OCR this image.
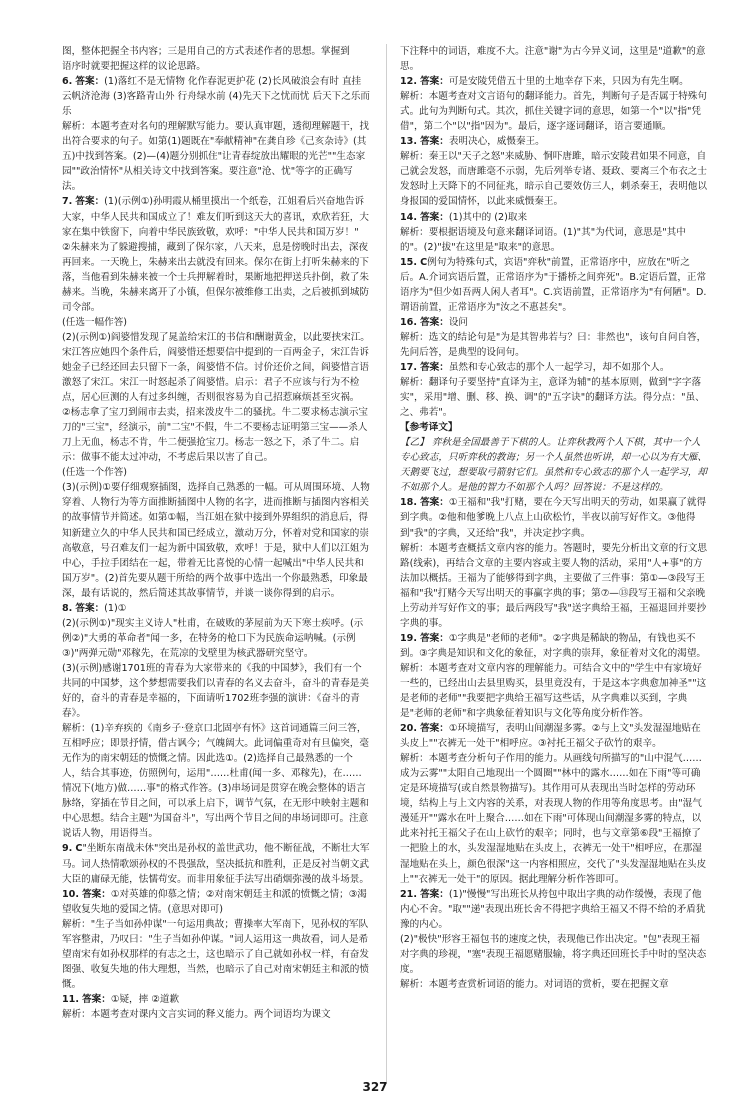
图，整体把握全书内容；三是用自己的方式表述作者的思想。掌握到

语序时就要把握这样的议论思路。

6. 答案：(1)落红不是无情物 化作春泥更护花 (2)长风破浪会有时 直挂云帆济沧海 (3)客路青山外 行舟绿水前 (4)先天下之忧而忧 后天下之乐而乐

解析：本题考查对名句的理解默写能力。要认真审题，透彻理解题干，找出符合要求的句子。如第(1)题既在"奉献精神"在龚自珍《己亥杂诗》(其五)中找到答案。(2)—(4)题分别抓住"让青春绽放出耀眼的光芒""生态家园""政治情怀"从相关诗文中找到答案。要注意"沧、忧"等字的正确写法。

7. 答案：(1)(示例①)孙明霞从桶里摸出一个纸卷，江姐看后兴奋地告诉大家，中华人民共和国成立了！难友们听到这天大的喜讯，欢欣若狂，大家在集中铁窗下，向着中华民族致敬，欢呼："中华人民共和国万岁！"

②朱赫来为了躲避搜捕，藏到了保尔家，八天来，息是傍晚时出去，深夜再回来。一天晚上，朱赫来出去就没有回来。保尔在街上打听朱赫来的下落，当他看到朱赫来被一个士兵押解着时，果断地把押送兵扑倒，救了朱赫来。当晚，朱赫来离开了小镇，但保尔被维修工出卖，之后被抓到城防司令部。

(任选一幅作答)

(2)(示例①)阎婆惜发现了晁盖给宋江的书信和酬谢黄金，以此要挟宋江。宋江答应她四个条件后，阎婆惜还想要信中提到的一百两金子，宋江告诉她金子已经还回去只留下一条，阎婆惜不信。讨价还价之间，阎婆惜言语激怒了宋江。宋江一时怒起杀了阎婆惜。启示：君子不应该与行为不检点，居心叵测的人有过多纠缠，否则很容易为自己招惹麻烦甚至灾祸。

②杨志拿了宝刀到闹市去卖，招来泼皮牛二的骚扰。牛二要求杨志演示宝刀的"三宝"，经演示，前"二宝"不假，牛二不要杨志证明第三宝——杀人刀上无血，杨志不肯，牛二便强抢宝刀。杨志一怒之下，杀了牛二。启示：做事不能太过冲动，不考虑后果以害了自己。

(任选一个作答)

(3)(示例)①要仔细观察插图，选择自己熟悉的一幅。可从周围环境、人物穿着、人物行为等方面推断插图中人物的名字，进而推断与插图内容相关的故事情节并简述。如第①幅，当江姐在狱中接到外界组织的消息后，得知新建立久的中华人民共和国已经成立，激动万分，怀着对党和国家的崇高敬意，号召难友们一起为新中国致敬，欢呼！于是，狱中人们以江姐为中心，手拉手团结在一起，带着无比喜悦的心情一起喊出"中华人民共和国万岁"。(2)首先要从题干所给的两个故事中选出一个你最熟悉，印象最深，最有话说的，然后简述其故事情节，并谈一谈你得到的启示。

8. 答案：(1)①

(2)(示例①)"现实主义诗人"杜甫，在破败的茅屋前为天下寒士疾呼。(示例②)"大勇的革命者"闻一多，在特务的枪口下为民族命运呐喊。(示例③)"两弹元勋"邓稼先，在荒凉的戈壁里为核武器研究坚守。

(3)(示例)感谢1701班的青春为大家带来的《我的中国梦》，我们有一个共同的中国梦，这个梦想需要我们以青春的名义去奋斗，奋斗的青春是美好的，奋斗的青春是幸福的，下面请听1702班李强的演讲：《奋斗的青春》。

解析：(1)辛弃疾的《南乡子·登京口北固亭有怀》这首词通篇三问三答，互相呼应；即景抒情，借古讽今；气魄阔大。此词偏重奇对有旦偏突，毫无作为的南宋朝廷的愤慨之情。因此选①。(2)选择自己最熟悉的一个人，结合其事迹，仿照例句，运用"……杜甫(闻一多、邓稼先)，在……情况下(地方)做……事"的格式作答。(3)串场词是贯穿在晚会整体的语言脉络，穿插在节目之间，可以承上启下，调节气氛，在无形中映射主题和中心思想。结合主题"为国奋斗"，写出两个节目之间的串场词即可。注意说话人物，用语得当。

9. C"坐断东南战未休"突出是孙权的盖世武功，他不断征战，不断壮大军马。词人热情歌颂孙权的不畏强敌，坚决抵抗和胜利，正是反衬当朝文武大臣的庸碌无能，怯懦苟安。而非用象征手法写出硝烟弥漫的战斗场景。

10. 答案：①对英雄的仰慕之情；②对南宋朝廷主和派的愤慨之情；③渴望收复失地的爱国之情。(意思对即可)

解析："生子当如孙仲谋"一句运用典故；曹操率大军南下，见孙权的军队军容整肃，乃叹曰："生子当如孙仲谋。"词人运用这一典故看，词人是希望南宋有如孙权那样的有志之士，这也暗示了自己就如孙权一样，有奋发图强、收复失地的伟大理想，当然，也暗示了自己对南宋朝廷主和派的愤慨。

11. 答案：①疑，摔 ②道歉

解析：本题考查对课内文言实词的释义能力。两个词语均为课文

下注释中的词语，难度不大。注意"谢"为古今异义词，这里是"道歉"的意思。

12. 答案：可是安陵凭借五十里的土地幸存下来，只因为有先生啊。

解析：本题考查对文言语句的翻译能力。首先，判断句子是否属于特殊句式。此句为判断句式。其次，抓住关键字词的意思，如第一个"以"指"凭借"，第二个"以"指"因为"。最后，逐字逐词翻译，语言要通顺。

13. 答案：表明决心，威慑秦王。

解析：秦王以"天子之怒"来威胁、恫吓唐雎，暗示安陵君如果不同意，自己就会发怒，而唐雎毫不示弱，先后列举专诸、聂政、要离三个布衣之士发怒时上天降下的不同征兆，暗示自己要效仿三人，刺杀秦王，表明他以身报国的爱国情怀，以此来威慑秦王。

14. 答案：(1)其中的 (2)取来

解析：要根据语境及句意来翻译词语。(1)"其"为代词，意思是"其中的"。(2)"拔"在这里是"取来"的意思。

15. C例句为特殊句式，宾语"弈秋"前置，正常语序中，应放在"听之后。A.介词宾语后置，正常语序为"于播桥之间弈死"。B.定语后置，正常语序为"但少如吾两人闲人者耳"。C.宾语前置，正常语序为"有何陋"。D.谓语前置，正常语序为"汝之不惠甚矣"。

16. 答案：设问

解析：选文的结论句是"为是其智弗若与？曰：非然也"，该句自问自答，先问后答，是典型的设问句。

17. 答案：虽然和专心致志的那个人一起学习，却不如那个人。

解析：翻译句子要坚持"直译为主，意译为辅"的基本原则，做到"字字落实"，采用"增、删、移、换、调"的"五字诀"的翻译方法。得分点："虽、之、弗若"。

【参考译文】

【乙】 弈秋是全国最善于下棋的人。让弈秋教两个人下棋，其中一个人专心致志，只听弈秋的教诲；另一个人虽然也听讲，却一心以为有大雁、天鹅要飞过，想要取弓箭射它们。虽然和专心致志的那个人一起学习，却不如那个人。是他的智力不如那个人吗？回答说：不是这样的。

18. 答案：①王福和"我"打赌，要在今天写出明天的劳动，如果赢了就得到字典。②他和他爹晚上八点上山砍松竹，半夜以前写好作文。③他得到"我"的字典，又还给"我"，并决定抄字典。

解析：本题考查概括文章内容的能力。答题时，要先分析出文章的行文思路(线索)，再结合文章的主要内容或主要人物的活动，采用"人+事"的方法加以概括。王福为了能够得到字典，主要做了三件事：第①—③段写王福和"我"打赌今天写出明天的事赢字典的事；第⑦—⑬段写王福和父亲晚上劳动并写好作文的事；最后两段写"我"送字典给王福，王福退回并要抄字典的事。

19. 答案：①字典是"老师的老师"。②字典是稀缺的物品，有钱也买不到。③字典是知识和文化的象征，对字典的崇拜，象征着对文化的渴望。

解析：本题考查对文章内容的理解能力。可结合文中的"学生中有家境好一些的，已经出山去县里购买，县里竟没有，于是这本字典愈加神圣""这是老师的老师""我要把字典给王福写这些话，从字典难以买到，字典是"老师的老师"和字典象征着知识与文化等角度分析作答。

20. 答案：①环境描写，表明山间潮湿多雾。②与上文"头发湿湿地贴在头皮上""衣裤无一处干"相呼应。③衬托王福父子砍竹的艰辛。

解析：本题考查分析句子作用的能力。从画线句所描写的"山中混气……成为云雾""太阳自己地现出一个圆圈""林中的露水……如在下雨"等可确定是环境描写(或自然景物描写)。其作用可从表现出当时怎样的劳动环境，结构上与上文内容的关系，对表现人物的作用等角度思考。由"湿气漫延开""露水在叶上聚合……如在下雨"可体现山间潮湿多雾的特点，以此来衬托王福父子在山上砍竹的艰辛；同时，也与文章第⑥段"王福撩了一把脸上的水，头发湿湿地贴在头皮上，衣裤无一处干"相呼应，在那湿湿地贴在头上，颜色很深"这一内容相照应，交代了"头发湿湿地贴在头皮上""衣裤无一处干"的原因。据此理解分析作答即可。

21. 答案：(1)"慢慢"写出班长从挎包中取出字典的动作缓慢，表现了他内心不舍。"取""递"表现出班长舍不得把字典给王福又不得不给的矛盾犹豫的内心。

(2)"极快"形容王福包书的速度之快，表现他已作出决定。"包"表现王福对字典的珍视，"塞"表现王福愿赌服输，将字典还回班长手中时的坚决态度。

解析：本题考查赏析词语的能力。对词语的赏析，要在把握文章

327
